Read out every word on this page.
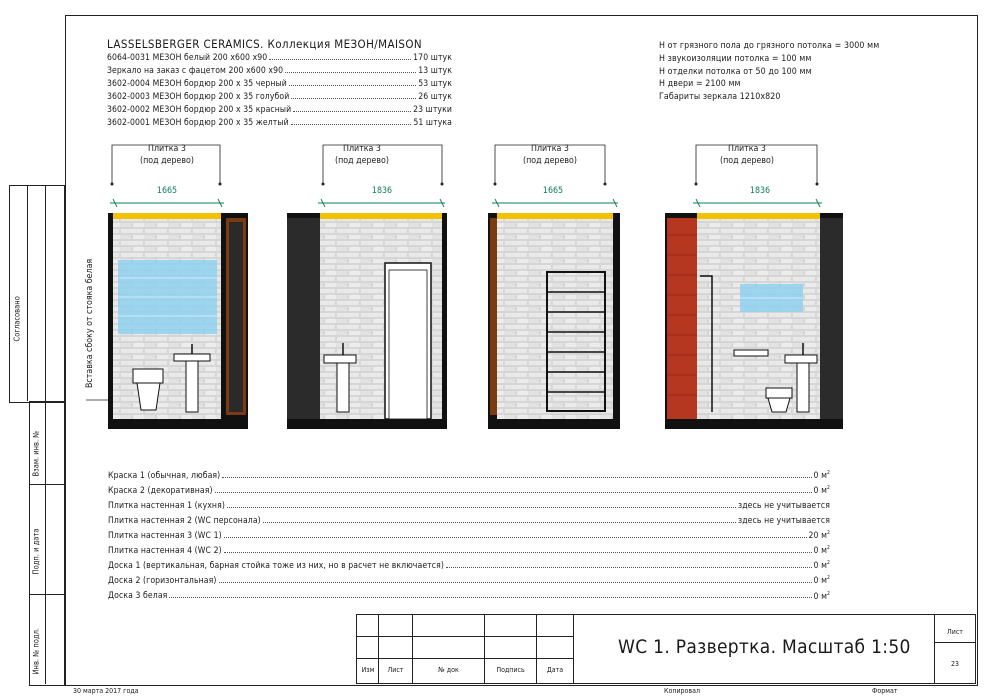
Согласовано
Взам. инв. №
Подп. и дата
Инв. № подл.
LASSELSBERGER CERAMICS. Коллекция МЕЗОН/MAISON
6064-0031 МЕЗОН белый 200 х600 х90	170 штук
Зеркало на заказ с фацетом 200 х600 х90	13 штук
3602-0004 МЕЗОН бордюр 200 х 35 черный	53 штук
3602-0003 МЕЗОН бордюр 200 х 35 голубой	26 штук
3602-0002 МЕЗОН бордюр 200 х 35 красный	23 штуки
3602-0001 МЕЗОН бордюр 200 х 35 желтый	51 штука
Н от грязного пола до грязного потолка = 3000 мм
Н звукоизоляции потолка = 100 мм
Н отделки потолка от 50 до 100 мм
Н двери = 2100 мм
Габариты зеркала 1210х820
Вставка сбоку от стояка белая
Плитка 3
(под дерево)
Плитка 3
(под дерево)
Плитка 3
(под дерево)
Плитка 3
(под дерево)
1665	1836	1665	1836
Краска 1 (обычная, любая)	0 $м^2$
Краска 2 (декоративная)	0 $м^2$
Плитка настенная 1 (кухня)	здесь не учитывается
Плитка настенная 2 (WC персонала)	здесь не учитывается
Плитка настенная 3 (WC 1)	20 $м^2$
Плитка настенная 4 (WC 2)	0 $м^2$
Доска 1 (вертикальная, барная стойка тоже из них, но в расчет не включается)	0 $м^2$
Доска 2 (горизонтальная)	0 $м^2$
Доска 3 белая	0 $м^2$
Изм	Лист	№ док	Подпись	Дата
WC 1. Развертка. Масштаб 1:50
Лист
23
30 марта 2017 года	Копировал	Формат
